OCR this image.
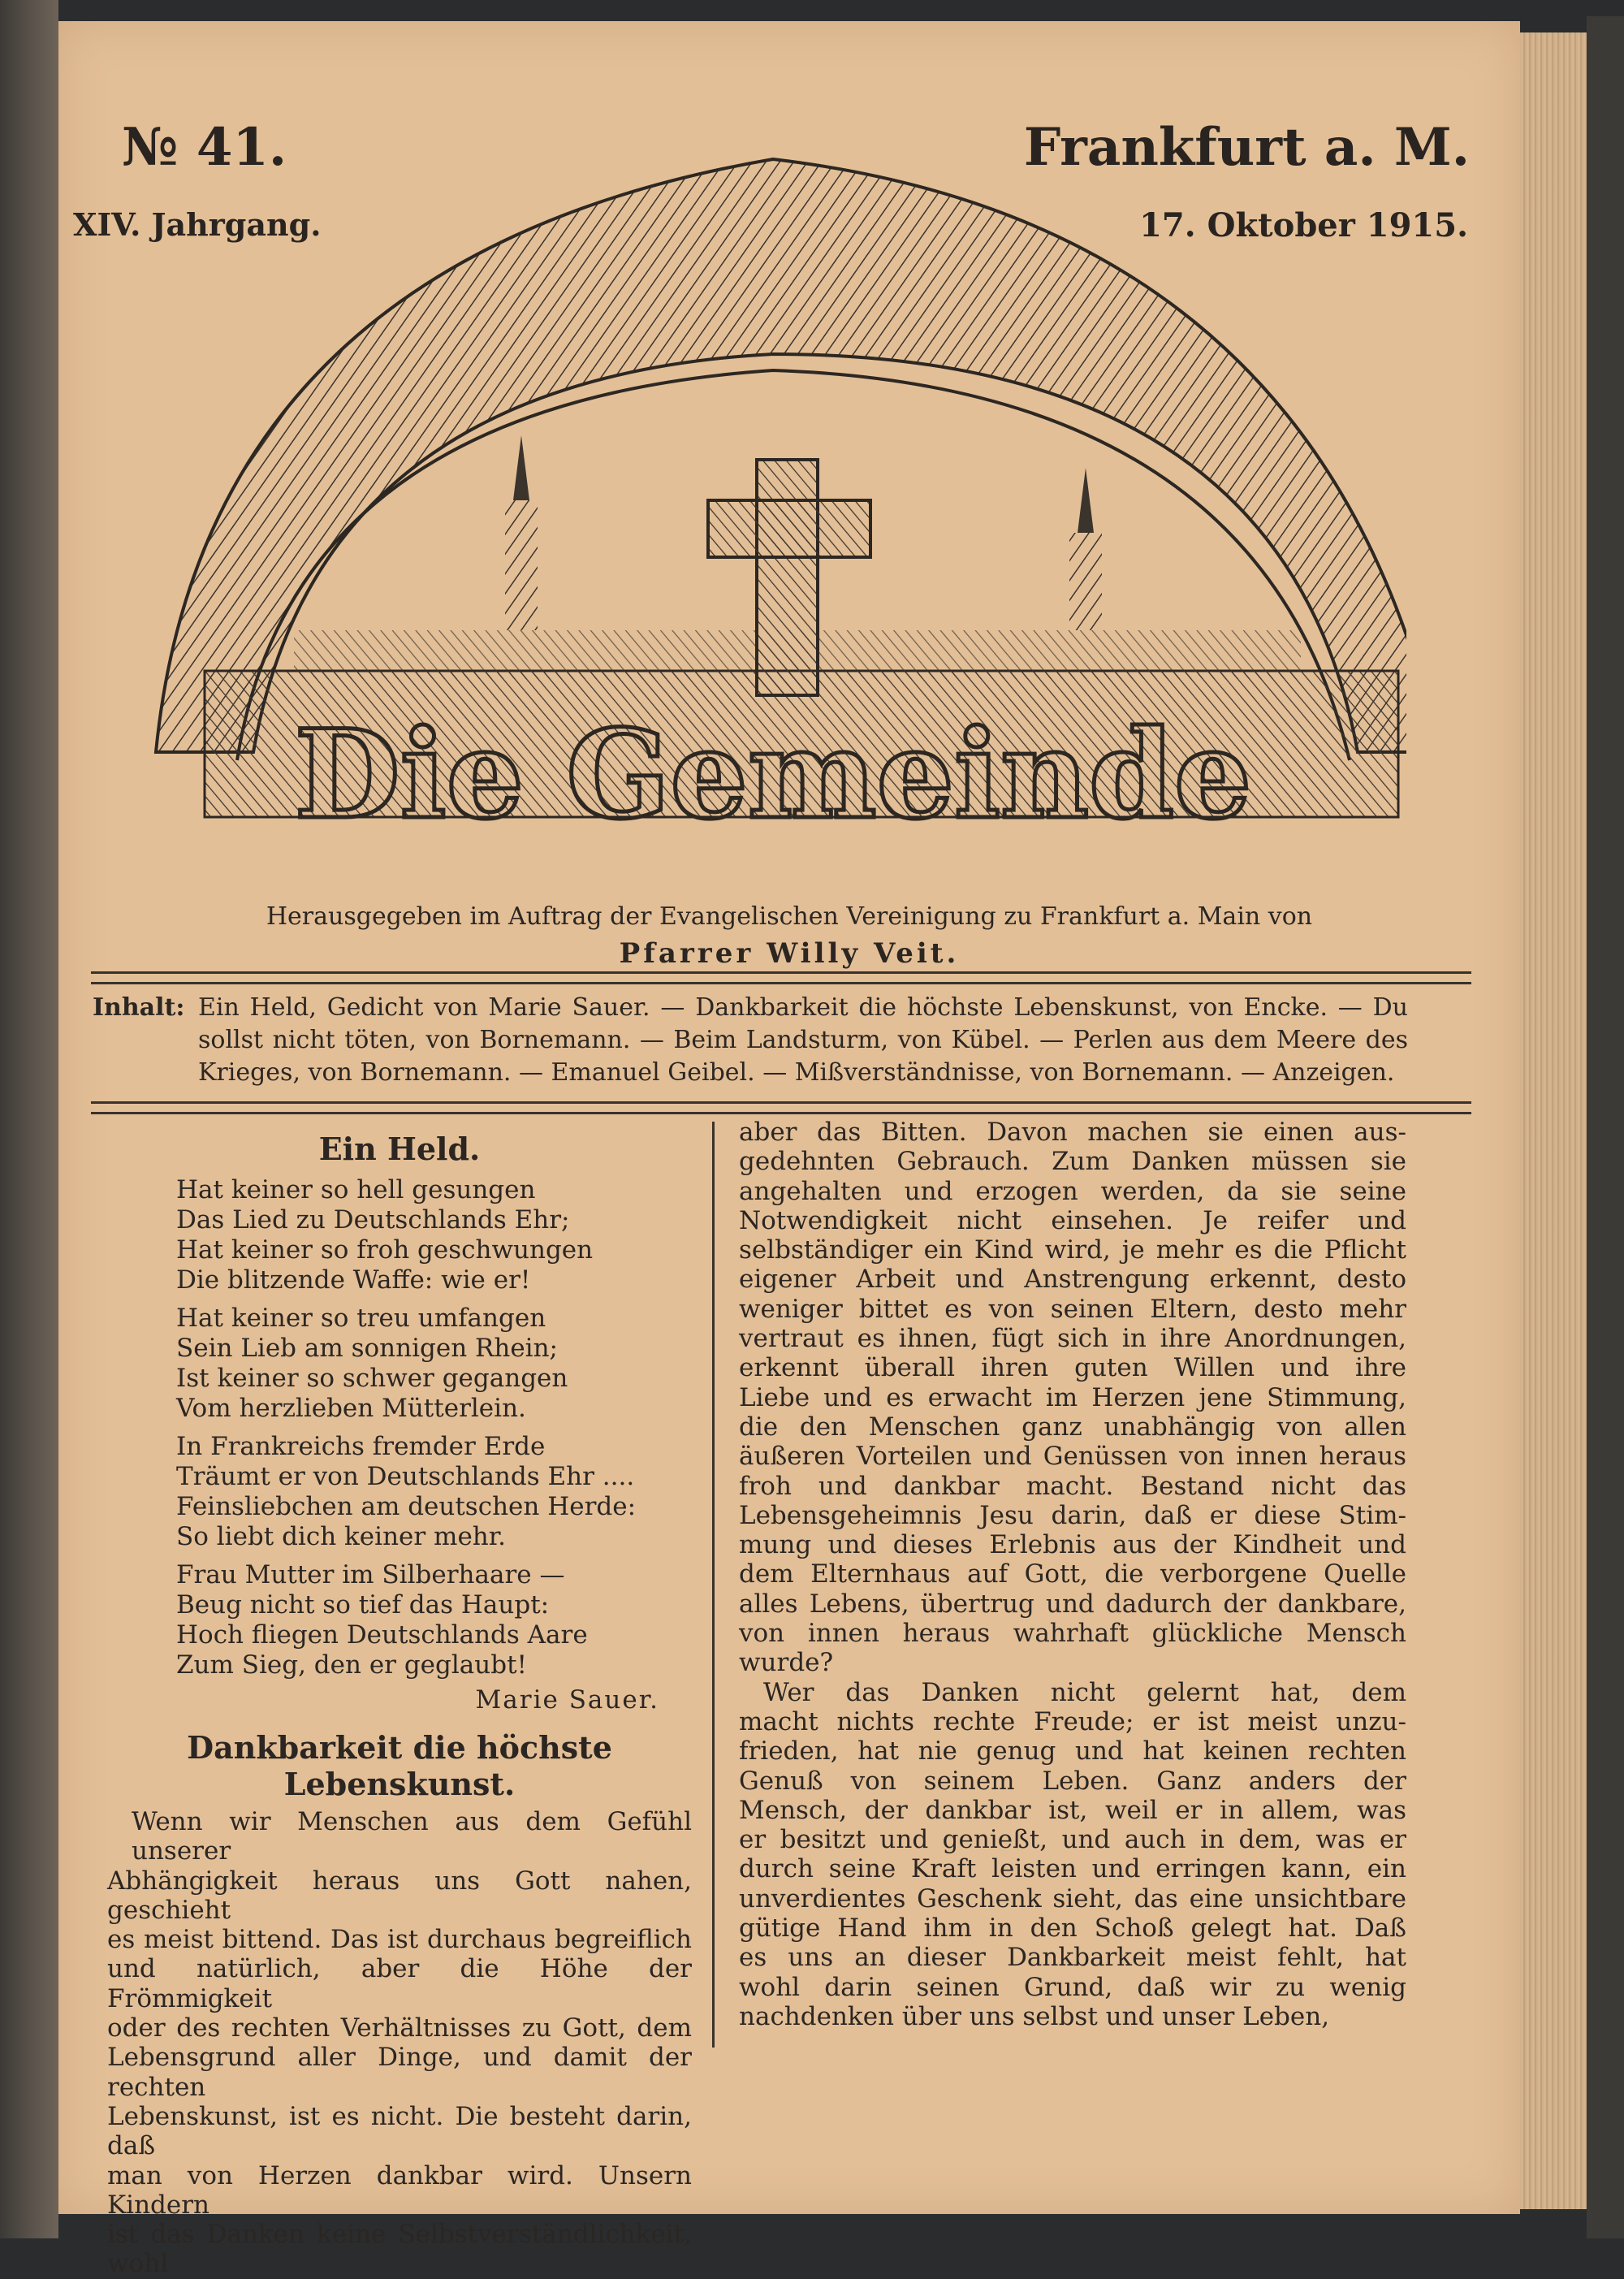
№ 41.
XIV. Jahrgang.
Frankfurt a. M.
17. Oktober 1915.
Die Gemeinde
Herausgegeben im Auftrag der Evangelischen Vereinigung zu Frankfurt a. Main von
Pfarrer Willy Veit.
Inhalt: Ein Held, Gedicht von Marie Sauer. — Dankbarkeit die höchste Lebenskunst, von Encke. — Du sollst nicht töten, von Bornemann. — Beim Landsturm, von Kübel. — Perlen aus dem Meere des Krieges, von Bornemann. — Emanuel Geibel. — Mißverständnisse, von Bornemann. — Anzeigen.
Ein Held.
Hat keiner so hell gesungen
Das Lied zu Deutschlands Ehr;
Hat keiner so froh geschwungen
Die blitzende Waffe: wie er!
Hat keiner so treu umfangen
Sein Lieb am sonnigen Rhein;
Ist keiner so schwer gegangen
Vom herzlieben Mütterlein.
In Frankreichs fremder Erde
Träumt er von Deutschlands Ehr ....
Feinsliebchen am deutschen Herde:
So liebt dich keiner mehr.
Frau Mutter im Silberhaare —
Beug nicht so tief das Haupt:
Hoch fliegen Deutschlands Aare
Zum Sieg, den er geglaubt!
Marie Sauer.
Dankbarkeit die höchste Lebenskunst.
Wenn wir Menschen aus dem Gefühl unserer
Abhängigkeit heraus uns Gott nahen, geschieht
es meist bittend. Das ist durchaus begreiflich
und natürlich, aber die Höhe der Frömmigkeit
oder des rechten Verhältnisses zu Gott, dem
Lebensgrund aller Dinge, und damit der rechten
Lebenskunst, ist es nicht. Die besteht darin, daß
man von Herzen dankbar wird. Unsern Kindern
ist das Danken keine Selbstverständlichkeit, wohl
aber das Bitten. Davon machen sie einen aus-
gedehnten Gebrauch. Zum Danken müssen sie
angehalten und erzogen werden, da sie seine
Notwendigkeit nicht einsehen. Je reifer und
selbständiger ein Kind wird, je mehr es die Pflicht
eigener Arbeit und Anstrengung erkennt, desto
weniger bittet es von seinen Eltern, desto mehr
vertraut es ihnen, fügt sich in ihre Anordnungen,
erkennt überall ihren guten Willen und ihre
Liebe und es erwacht im Herzen jene Stimmung,
die den Menschen ganz unabhängig von allen
äußeren Vorteilen und Genüssen von innen heraus
froh und dankbar macht. Bestand nicht das
Lebensgeheimnis Jesu darin, daß er diese Stim-
mung und dieses Erlebnis aus der Kindheit und
dem Elternhaus auf Gott, die verborgene Quelle
alles Lebens, übertrug und dadurch der dankbare,
von innen heraus wahrhaft glückliche Mensch
wurde?
Wer das Danken nicht gelernt hat, dem
macht nichts rechte Freude; er ist meist unzu-
frieden, hat nie genug und hat keinen rechten
Genuß von seinem Leben. Ganz anders der
Mensch, der dankbar ist, weil er in allem, was
er besitzt und genießt, und auch in dem, was er
durch seine Kraft leisten und erringen kann, ein
unverdientes Geschenk sieht, das eine unsichtbare
gütige Hand ihm in den Schoß gelegt hat. Daß
es uns an dieser Dankbarkeit meist fehlt, hat
wohl darin seinen Grund, daß wir zu wenig
nachdenken über uns selbst und unser Leben,
